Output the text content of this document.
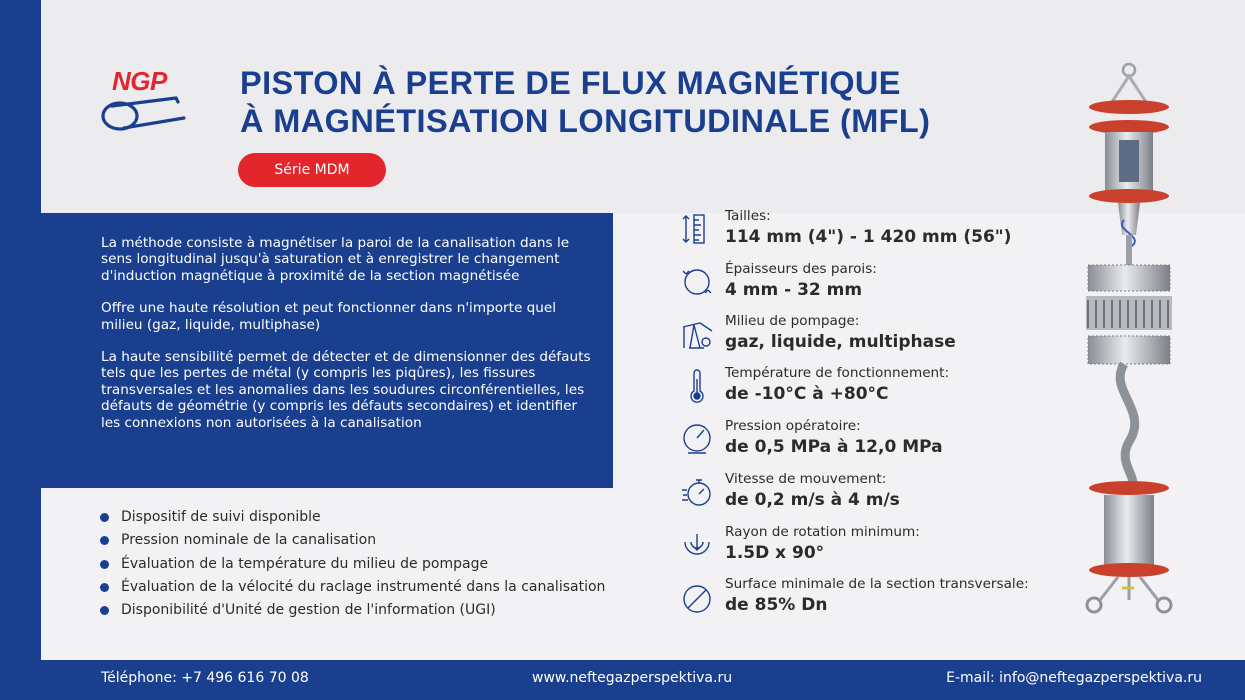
NGP PISTON À PERTE DE FLUX MAGNÉTIQUE
À MAGNÉTISATION LONGITUDINALE (MFL)
Série MDM

La méthode consiste à magnétiser la paroi de la canalisation dans le sens longitudinal jusqu'à saturation et à enregistrer le changement d'induction magnétique à proximité de la section magnétisée

Offre une haute résolution et peut fonctionner dans n'importe quel milieu (gaz, liquide, multiphase)

La haute sensibilité permet de détecter et de dimensionner des défauts tels que les pertes de métal (y compris les piqûres), les fissures transversales et les anomalies dans les soudures circonférentielles, les défauts de géométrie (y compris les défauts secondaires) et identifier les connexions non autorisées à la canalisation

Dispositif de suivi disponible
Pression nominale de la canalisation
Évaluation de la température du milieu de pompage
Évaluation de la vélocité du raclage instrumenté dans la canalisation
Disponibilité d'Unité de gestion de l'information (UGI)
Tailles:
114 mm (4") - 1 420 mm (56")
Épaisseurs des parois:
4 mm - 32 mm
Milieu de pompage:
gaz, liquide, multiphase
Température de fonctionnement:
de -10°C à +80°C
Pression opératoire:
de 0,5 MPa à 12,0 MPa
Vitesse de mouvement:
de 0,2 m/s à 4 m/s
Rayon de rotation minimum:
1.5D x 90°
Surface minimale de la section transversale:
de 85% Dn
Téléphone: +7 496 616 70 08	www.neftegazperspektiva.ru	E-mail: info@neftegazperspektiva.ru
